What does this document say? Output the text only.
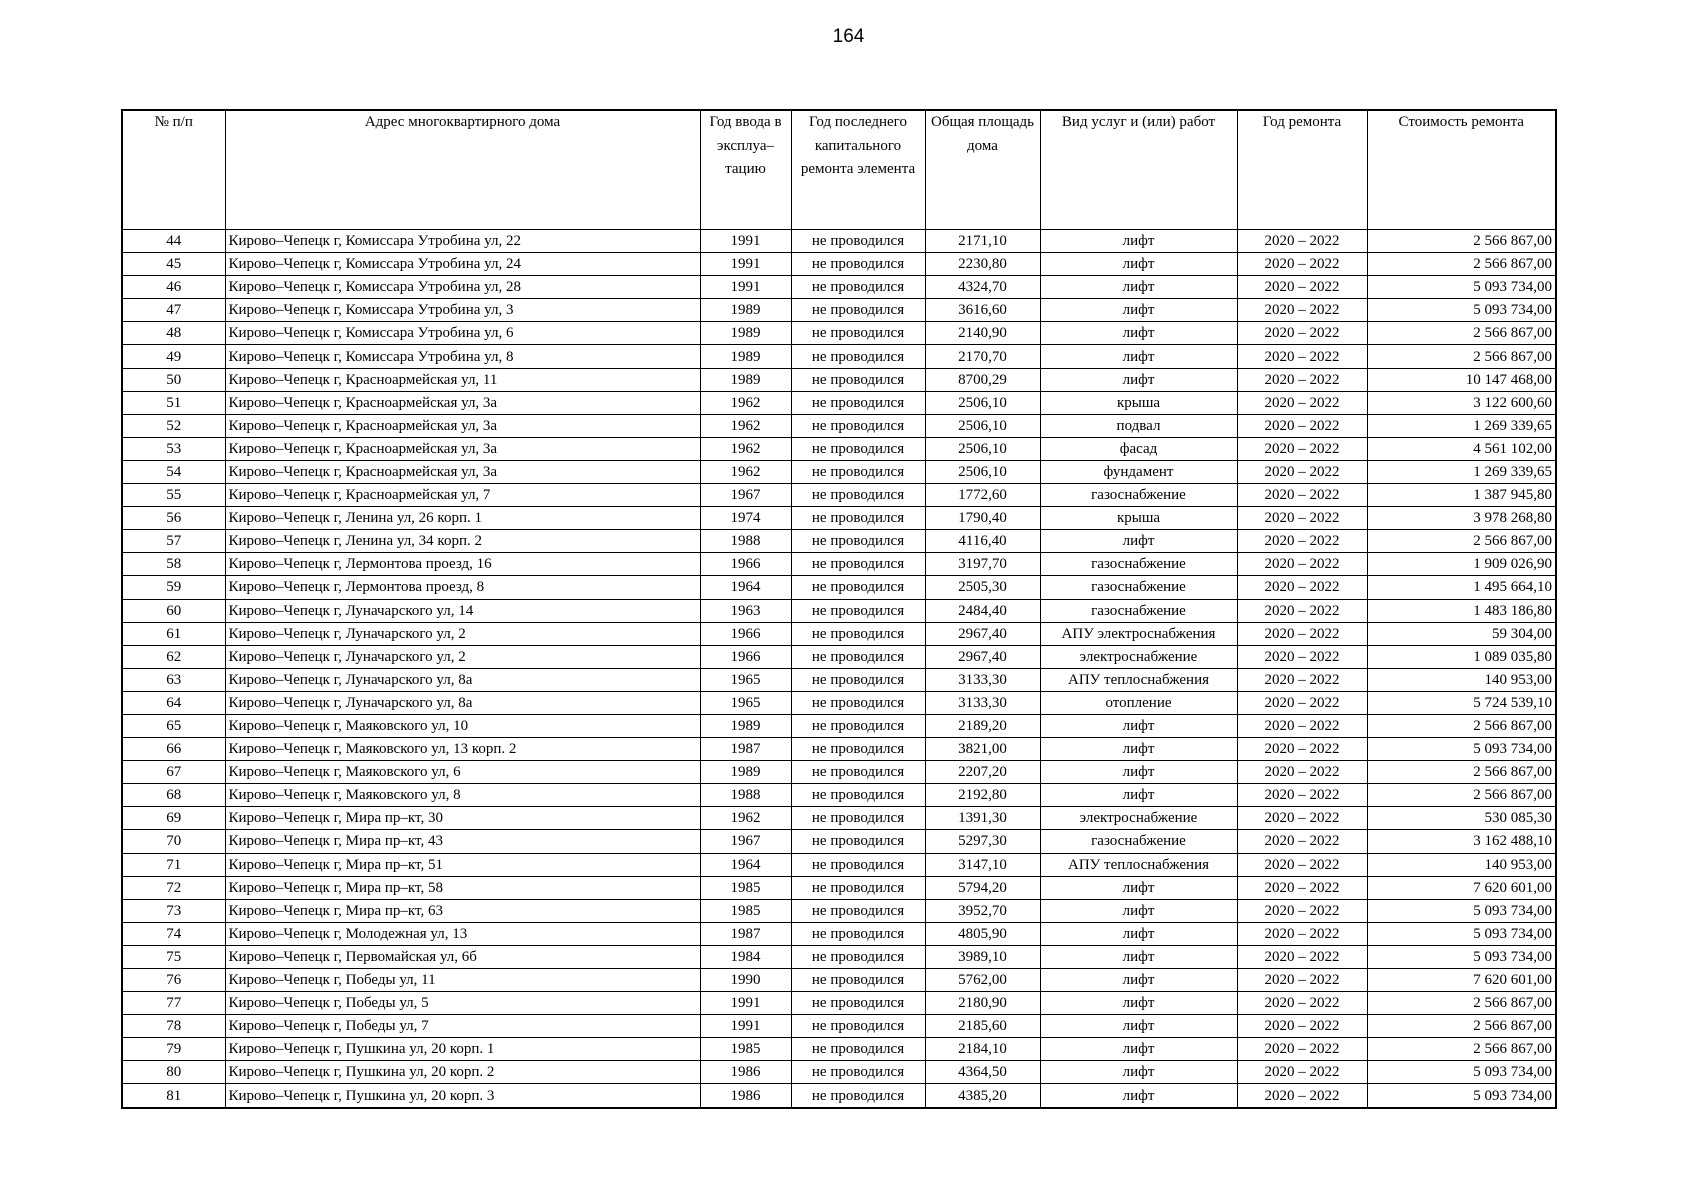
164
№ п/п	Адрес многоквартирного дома	Год ввода в эксплуа–тацию	Год последнего капитального ремонта элемента	Общая площадь дома	Вид услуг и (или) работ	Год ремонта	Стоимость ремонта
44	Кирово–Чепецк г, Комиссара Утробина ул, 22	1991	не проводился	2171,10	лифт	2020 – 2022	2 566 867,00
45	Кирово–Чепецк г, Комиссара Утробина ул, 24	1991	не проводился	2230,80	лифт	2020 – 2022	2 566 867,00
46	Кирово–Чепецк г, Комиссара Утробина ул, 28	1991	не проводился	4324,70	лифт	2020 – 2022	5 093 734,00
47	Кирово–Чепецк г, Комиссара Утробина ул, 3	1989	не проводился	3616,60	лифт	2020 – 2022	5 093 734,00
48	Кирово–Чепецк г, Комиссара Утробина ул, 6	1989	не проводился	2140,90	лифт	2020 – 2022	2 566 867,00
49	Кирово–Чепецк г, Комиссара Утробина ул, 8	1989	не проводился	2170,70	лифт	2020 – 2022	2 566 867,00
50	Кирово–Чепецк г, Красноармейская ул, 11	1989	не проводился	8700,29	лифт	2020 – 2022	10 147 468,00
51	Кирово–Чепецк г, Красноармейская ул, 3а	1962	не проводился	2506,10	крыша	2020 – 2022	3 122 600,60
52	Кирово–Чепецк г, Красноармейская ул, 3а	1962	не проводился	2506,10	подвал	2020 – 2022	1 269 339,65
53	Кирово–Чепецк г, Красноармейская ул, 3а	1962	не проводился	2506,10	фасад	2020 – 2022	4 561 102,00
54	Кирово–Чепецк г, Красноармейская ул, 3а	1962	не проводился	2506,10	фундамент	2020 – 2022	1 269 339,65
55	Кирово–Чепецк г, Красноармейская ул, 7	1967	не проводился	1772,60	газоснабжение	2020 – 2022	1 387 945,80
56	Кирово–Чепецк г, Ленина ул, 26 корп. 1	1974	не проводился	1790,40	крыша	2020 – 2022	3 978 268,80
57	Кирово–Чепецк г, Ленина ул, 34 корп. 2	1988	не проводился	4116,40	лифт	2020 – 2022	2 566 867,00
58	Кирово–Чепецк г, Лермонтова проезд, 16	1966	не проводился	3197,70	газоснабжение	2020 – 2022	1 909 026,90
59	Кирово–Чепецк г, Лермонтова проезд, 8	1964	не проводился	2505,30	газоснабжение	2020 – 2022	1 495 664,10
60	Кирово–Чепецк г, Луначарского ул, 14	1963	не проводился	2484,40	газоснабжение	2020 – 2022	1 483 186,80
61	Кирово–Чепецк г, Луначарского ул, 2	1966	не проводился	2967,40	АПУ электроснабжения	2020 – 2022	59 304,00
62	Кирово–Чепецк г, Луначарского ул, 2	1966	не проводился	2967,40	электроснабжение	2020 – 2022	1 089 035,80
63	Кирово–Чепецк г, Луначарского ул, 8а	1965	не проводился	3133,30	АПУ теплоснабжения	2020 – 2022	140 953,00
64	Кирово–Чепецк г, Луначарского ул, 8а	1965	не проводился	3133,30	отопление	2020 – 2022	5 724 539,10
65	Кирово–Чепецк г, Маяковского ул, 10	1989	не проводился	2189,20	лифт	2020 – 2022	2 566 867,00
66	Кирово–Чепецк г, Маяковского ул, 13 корп. 2	1987	не проводился	3821,00	лифт	2020 – 2022	5 093 734,00
67	Кирово–Чепецк г, Маяковского ул, 6	1989	не проводился	2207,20	лифт	2020 – 2022	2 566 867,00
68	Кирово–Чепецк г, Маяковского ул, 8	1988	не проводился	2192,80	лифт	2020 – 2022	2 566 867,00
69	Кирово–Чепецк г, Мира пр–кт, 30	1962	не проводился	1391,30	электроснабжение	2020 – 2022	530 085,30
70	Кирово–Чепецк г, Мира пр–кт, 43	1967	не проводился	5297,30	газоснабжение	2020 – 2022	3 162 488,10
71	Кирово–Чепецк г, Мира пр–кт, 51	1964	не проводился	3147,10	АПУ теплоснабжения	2020 – 2022	140 953,00
72	Кирово–Чепецк г, Мира пр–кт, 58	1985	не проводился	5794,20	лифт	2020 – 2022	7 620 601,00
73	Кирово–Чепецк г, Мира пр–кт, 63	1985	не проводился	3952,70	лифт	2020 – 2022	5 093 734,00
74	Кирово–Чепецк г, Молодежная ул, 13	1987	не проводился	4805,90	лифт	2020 – 2022	5 093 734,00
75	Кирово–Чепецк г, Первомайская ул, 6б	1984	не проводился	3989,10	лифт	2020 – 2022	5 093 734,00
76	Кирово–Чепецк г, Победы ул, 11	1990	не проводился	5762,00	лифт	2020 – 2022	7 620 601,00
77	Кирово–Чепецк г, Победы ул, 5	1991	не проводился	2180,90	лифт	2020 – 2022	2 566 867,00
78	Кирово–Чепецк г, Победы ул, 7	1991	не проводился	2185,60	лифт	2020 – 2022	2 566 867,00
79	Кирово–Чепецк г, Пушкина ул, 20 корп. 1	1985	не проводился	2184,10	лифт	2020 – 2022	2 566 867,00
80	Кирово–Чепецк г, Пушкина ул, 20 корп. 2	1986	не проводился	4364,50	лифт	2020 – 2022	5 093 734,00
81	Кирово–Чепецк г, Пушкина ул, 20 корп. 3	1986	не проводился	4385,20	лифт	2020 – 2022	5 093 734,00
